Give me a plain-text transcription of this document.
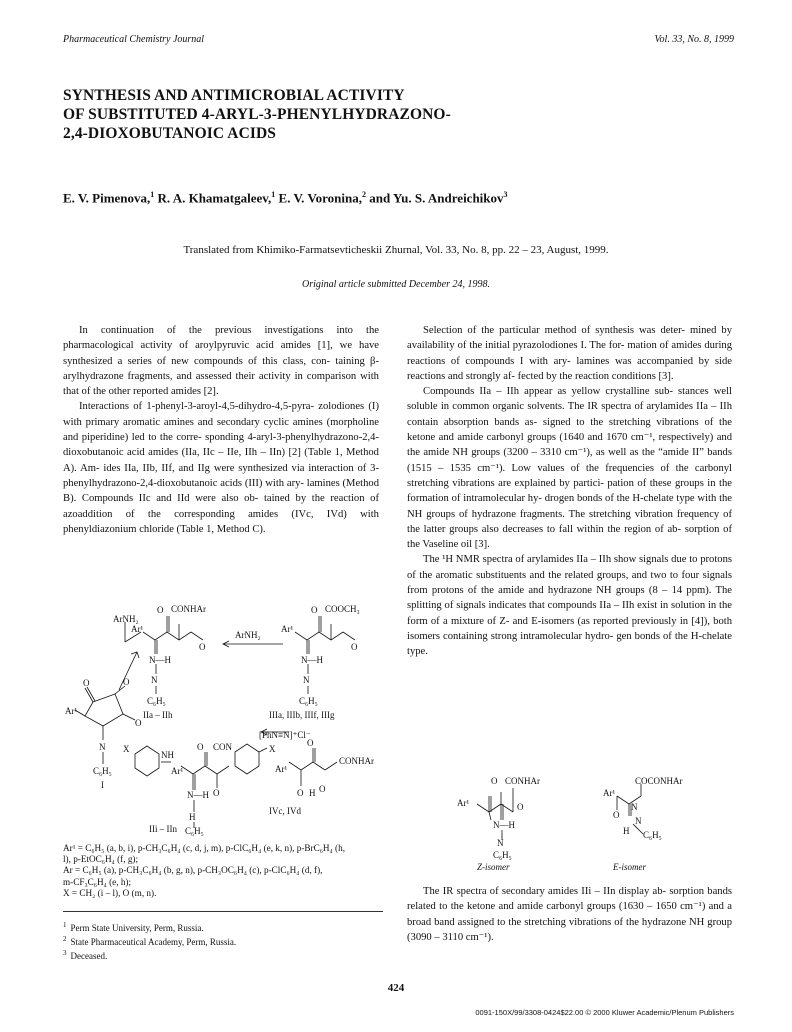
Pharmaceutical Chemistry Journal	Vol. 33, No. 8, 1999
SYNTHESIS AND ANTIMICROBIAL ACTIVITY
OF SUBSTITUTED 4-ARYL-3-PHENYLHYDRAZONO-
2,4-DIOXOBUTANOIC ACIDS
E. V. Pimenova,$^1$ R. A. Khamatgaleev,$^1$ E. V. Voronina,$^2$ and Yu. S. Andreichikov$^3$
Translated from Khimiko-Farmatsevticheskii Zhurnal, Vol. 33, No. 8, pp. 22 – 23, August, 1999.
Original article submitted December 24, 1998.

In continuation of the previous investigations into the pharmacological activity of aroylpyruvic acid amides [1], we have synthesized a series of new compounds of this class, con- taining β-arylhydrazone fragments, and assessed their activity in comparison with that of the other reported amides [2].

Interactions of 1-phenyl-3-aroyl-4,5-dihydro-4,5-pyra- zolodiones (I) with primary aromatic amines and secondary cyclic amines (morpholine and piperidine) led to the corre- sponding 4-aryl-3-phenylhydrazono-2,4-dioxobutanoic acid amides (IIa, IIc – IIe, IIh – IIn) [2] (Table 1, Method A). Am- ides IIa, IIb, IIf, and IIg were synthesized via interaction of 3-phenylhydrazono-2,4-dioxobutanoic acids (III) with ary- lamines (Method B). Compounds IIc and IId were also ob- tained by the reaction of azoaddition of the corresponding amides (IVc, IVd) with phenyldiazonium chloride (Table 1, Method C).

CONHAr	COOCH₃
O	O
ArNH₂
Ar¹
O
ArNH₂
Ar¹
O
N—H	N—H
N	N
C₆H₅	C₆H₅
IIa – IIh	IIIa, IIIb, IIIf, IIIg
[PhN≡N]⁺Cl⁻
O	O
O
Ar¹
N
C₆H₅
I
X
NH
Ar¹
O CON	X
O
N—H
H
C₆H₅
Ar¹
O
CONHAr
O H O
IVc, IVd
IIi – IIn
Ar¹ = C₆H₅ (a, b, i), p-CH₃C₆H₄ (c, d, j, m), p-ClC₆H₄ (e, k, n), p-BrC₆H₄ (h,
l), p-EtOC₆H₄ (f, g);
Ar = C₆H₅ (a), p-CH₃C₆H₄ (b, g, n), p-CH₃OC₆H₄ (c), p-ClC₆H₄ (d, f),
m-CF₃C₆H₄ (e, h);
X = CH₂ (i – l), O (m, n).
$^1$ Perm State University, Perm, Russia.
$^2$ State Pharmaceutical Academy, Perm, Russia.
$^3$ Deceased.

Selection of the particular method of synthesis was deter- mined by availability of the initial pyrazolodiones I. The for- mation of amides during reactions of compounds I with ary- lamines was accompanied by side reactions and strongly af- fected by the reaction conditions [3].

Compounds IIa – IIh appear as yellow crystalline sub- stances well soluble in common organic solvents. The IR spectra of arylamides IIa – IIh contain absorption bands as- signed to the stretching vibrations of the ketone and amide carbonyl groups (1640 and 1670 cm⁻¹, respectively) and the amide NH groups (3200 – 3310 cm⁻¹), as well as the “amide II” bands (1515 – 1535 cm⁻¹). Low values of the frequencies of the carbonyl stretching vibrations are explained by partici- pation of these groups in the formation of intramolecular hy- drogen bonds of the H-chelate type with the NH groups of hydrazone fragments. The stretching vibration frequency of the latter groups also decreases to fall within the region of ab- sorption of the Vaseline oil [3].

The ¹H NMR spectra of arylamides IIa – IIh show signals due to protons of the aromatic substituents and the related groups, and two to four signals from protons of the amide and hydrazone NH groups (8 – 14 ppm). The splitting of signals indicates that compounds IIa – IIh exist in solution in the form of a mixture of Z- and E-isomers (as reported previously in [4]), both isomers containing strong intramolecular hydro- gen bonds of the H-chelate type.

O CONHAr
Ar¹	O
N—H
N
C₆H₅
Z-isomer
COCONHAr
Ar¹
O
N
N
H C₆H₅
E-isomer

The IR spectra of secondary amides IIi – IIn display ab- sorption bands related to the ketone and amide carbonyl groups (1630 – 1650 cm⁻¹) and a broad band assigned to the stretching vibrations of the hydrazone NH group (3090 – 3110 cm⁻¹).

424
0091-150X/99/3308-0424$22.00 © 2000 Kluwer Academic/Plenum Publishers
